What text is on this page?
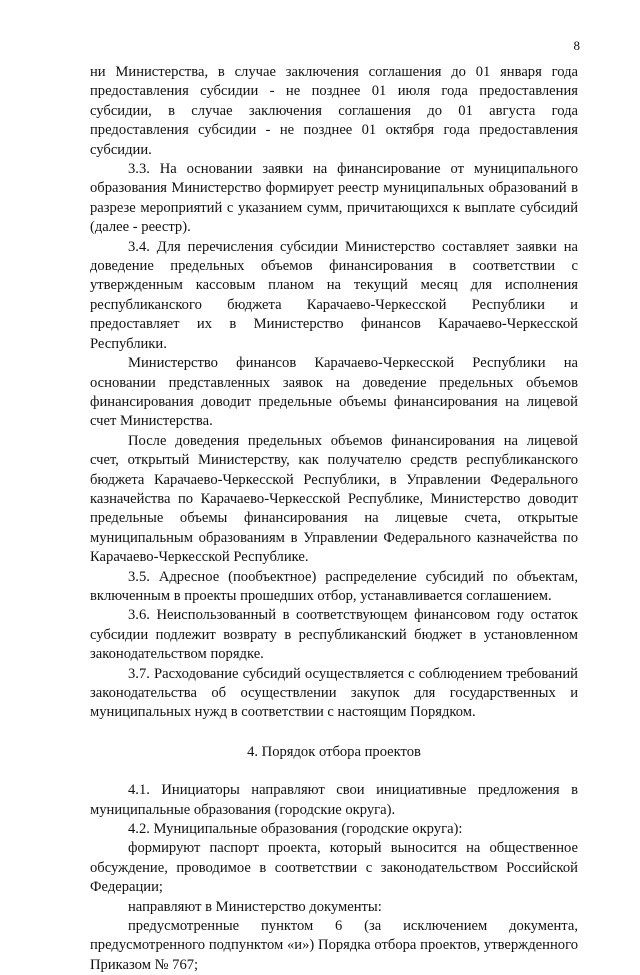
8

ни Министерства, в случае заключения соглашения до 01 января года предоставления субсидии - не позднее 01 июля года предоставления субсидии, в случае заключения соглашения до 01 августа года предоставления субсидии - не позднее 01 октября года предоставления субсидии.

3.3. На основании заявки на финансирование от муниципального образования Министерство формирует реестр муниципальных образований в разрезе мероприятий с указанием сумм, причитающихся к выплате субсидий (далее - реестр).

3.4. Для перечисления субсидии Министерство составляет заявки на доведение предельных объемов финансирования в соответствии с утвержденным кассовым планом на текущий месяц для исполнения республиканского бюджета Карачаево-Черкесской Республики и предоставляет их в Министерство финансов Карачаево-Черкесской Республики.

Министерство финансов Карачаево-Черкесской Республики на основании представленных заявок на доведение предельных объемов финансирования доводит предельные объемы финансирования на лицевой счет Министерства.

После доведения предельных объемов финансирования на лицевой счет, открытый Министерству, как получателю средств республиканского бюджета Карачаево-Черкесской Республики, в Управлении Федерального казначейства по Карачаево-Черкесской Республике, Министерство доводит предельные объемы финансирования на лицевые счета, открытые муниципальным образованиям в Управлении Федерального казначейства по Карачаево-Черкесской Республике.

3.5. Адресное (пообъектное) распределение субсидий по объектам, включенным в проекты прошедших отбор, устанавливается соглашением.

3.6. Неиспользованный в соответствующем финансовом году остаток субсидии подлежит возврату в республиканский бюджет в установленном законодательством порядке.

3.7. Расходование субсидий осуществляется с соблюдением требований законодательства об осуществлении закупок для государственных и муниципальных нужд в соответствии с настоящим Порядком.

4. Порядок отбора проектов

4.1. Инициаторы направляют свои инициативные предложения в муниципальные образования (городские округа).

4.2. Муниципальные образования (городские округа):

формируют паспорт проекта, который выносится на общественное обсуждение, проводимое в соответствии с законодательством Российской Федерации;

направляют в Министерство документы:

предусмотренные пунктом 6 (за исключением документа, предусмотренного подпунктом «и») Порядка отбора проектов, утвержденного Приказом № 767;
